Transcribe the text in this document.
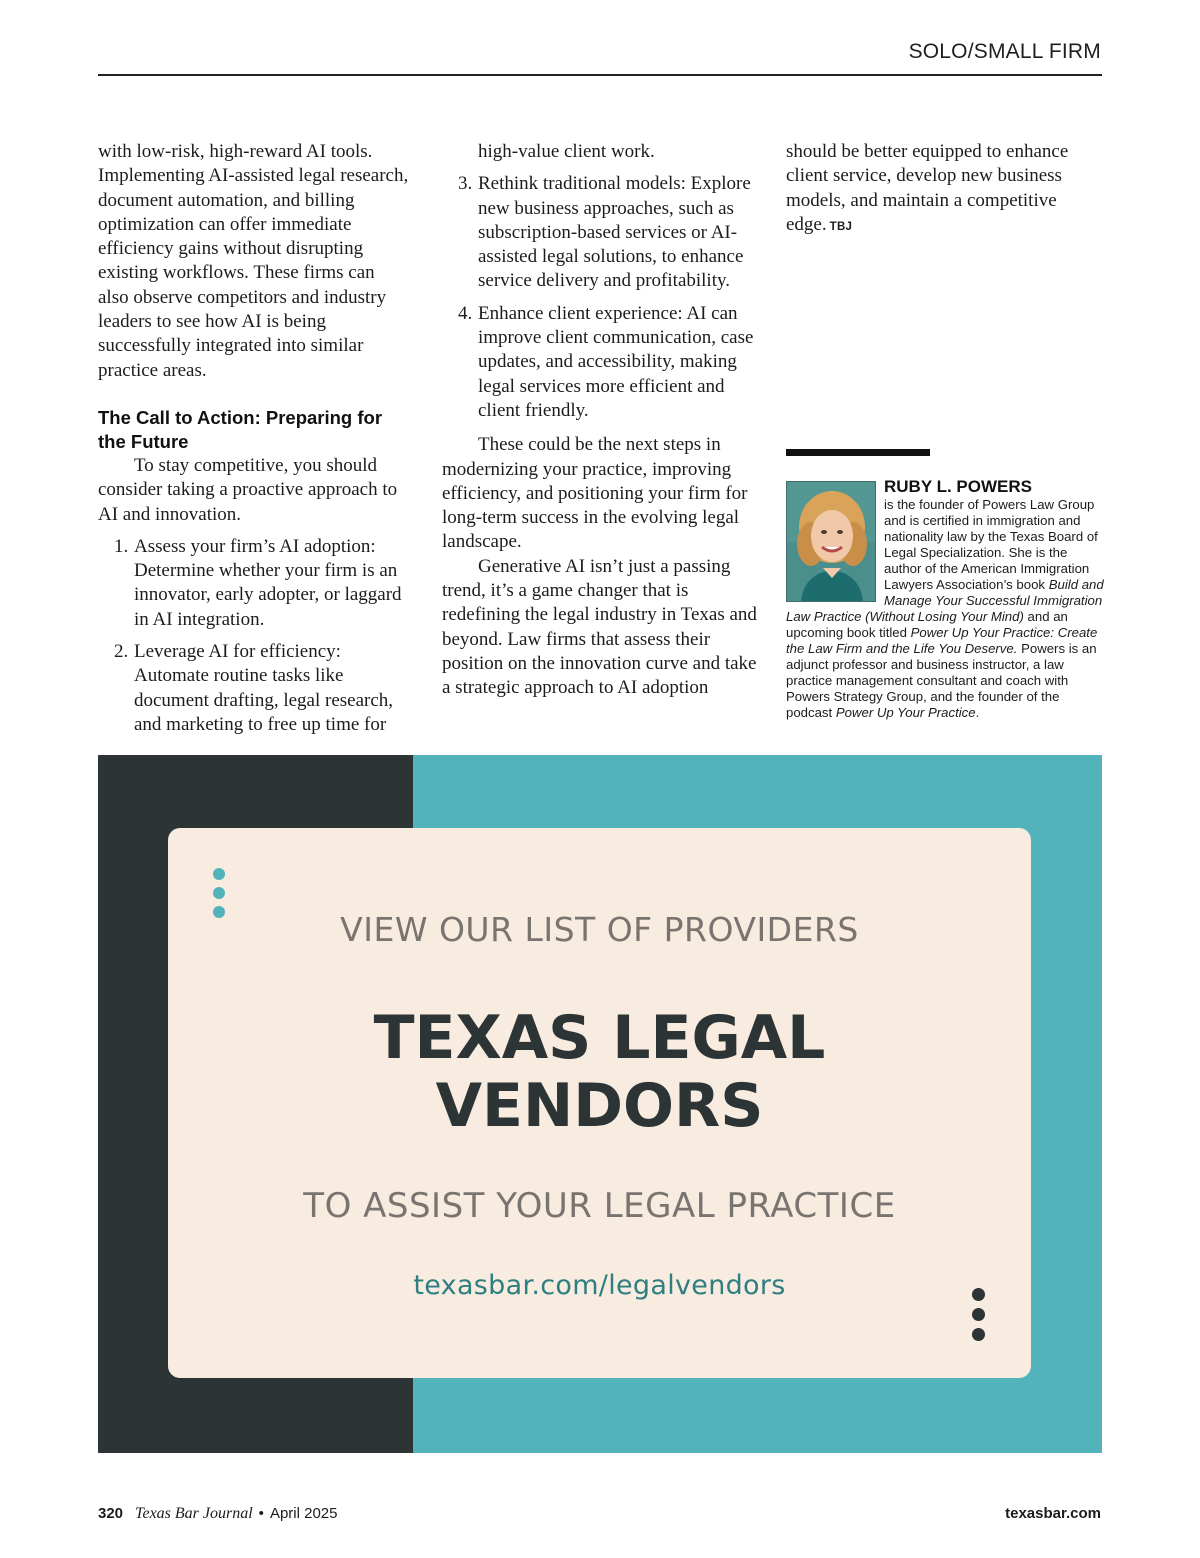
SOLO/SMALL FIRM

with low-risk, high-reward AI tools. Implementing AI-assisted legal research, document automation, and billing optimization can offer immediate efficiency gains without disrupting existing workflows. These firms can also observe competitors and industry leaders to see how AI is being successfully integrated into similar practice areas.

The Call to Action: Preparing for the Future

To stay competitive, you should consider taking a proactive approach to AI and innovation.

1. Assess your firm’s AI adoption: Determine whether your firm is an innovator, early adopter, or laggard in AI integration.
2. Leverage AI for efficiency: Automate routine tasks like document drafting, legal research, and marketing to free up time for

high-value client work.

3. Rethink traditional models: Explore new business approaches, such as subscription-based services or AI-assisted legal solutions, to enhance service delivery and profitability.
4. Enhance client experience: AI can improve client communication, case updates, and accessibility, making legal services more efficient and client friendly.

These could be the next steps in modernizing your practice, improving efficiency, and positioning your firm for long-term success in the evolving legal landscape.

Generative AI isn’t just a passing trend, it’s a game changer that is redefining the legal industry in Texas and beyond. Law firms that assess their position on the innovation curve and take a strategic approach to AI adoption

should be better equipped to enhance client service, develop new business models, and maintain a competitive edge. TBJ

RUBY L. POWERS
is the founder of Powers Law Group and is certified in immigration and nationality law by the Texas Board of Legal Specialization. She is the author of the American Immigration Lawyers Association’s book Build and Manage Your Successful Immigration Law Practice (Without Losing Your Mind) and an upcoming book titled Power Up Your Practice: Create the Law Firm and the Life You Deserve. Powers is an adjunct professor and business instructor, a law practice management consultant and coach with Powers Strategy Group, and the founder of the podcast Power Up Your Practice.
VIEW OUR LIST OF PROVIDERS
TEXAS LEGAL
VENDORS
TO ASSIST YOUR LEGAL PRACTICE
texasbar.com/legalvendors
320 Texas Bar Journal • April 2025	texasbar.com
